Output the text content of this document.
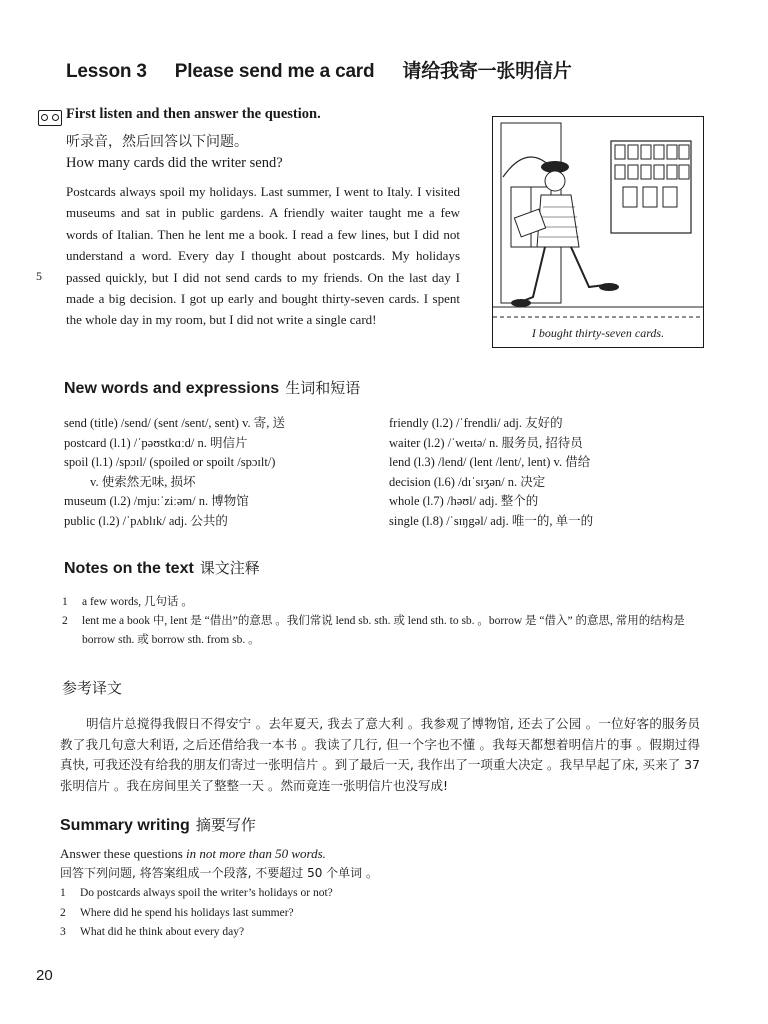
Lesson 3 Please send me a card 请给我寄一张明信片
First listen and then answer the question.
听录音，然后回答以下问题。
How many cards did the writer send?

Postcards always spoil my holidays. Last summer, I went to Italy. I visited museums and sat in public gardens. A friendly waiter taught me a few words of Italian. Then he lent me a book. I read a few lines, but I did not understand a word. Every day I thought about postcards. My holidays passed quickly, but I did not send cards to my friends. On the last day I made a big decision. I got up early and bought thirty-seven cards. I spent the whole day in my room, but I did not write a single card!

5
I bought thirty-seven cards.
New words and expressions 生词和短语
send (title) /send/ (sent /sent/, sent) v. 寄, 送
postcard (l.1) /ˈpəʊstkɑːd/ n. 明信片
spoil (l.1) /spɔɪl/ (spoiled or spoilt /spɔɪlt/)
v. 使索然无味, 损坏
museum (l.2) /mjuːˈziːəm/ n. 博物馆
public (l.2) /ˈpʌblɪk/ adj. 公共的
friendly (l.2) /ˈfrendli/ adj. 友好的
waiter (l.2) /ˈweɪtə/ n. 服务员, 招待员
lend (l.3) /lend/ (lent /lent/, lent) v. 借给
decision (l.6) /dɪˈsɪʒən/ n. 决定
whole (l.7) /həʊl/ adj. 整个的
single (l.8) /ˈsɪŋgəl/ adj. 唯一的, 单一的
Notes on the text 课文注释
1 a few words, 几句话 。
2 lent me a book 中, lent 是 “借出”的意思 。我们常说 lend sb. sth. 或 lend sth. to sb. 。borrow 是 “借入” 的意思, 常用的结构是 borrow sth. 或 borrow sth. from sb. 。
参考译文
明信片总搅得我假日不得安宁 。去年夏天, 我去了意大利 。我参观了博物馆, 还去了公园 。一位好客的服务员教了我几句意大利语, 之后还借给我一本书 。我读了几行, 但一个字也不懂 。我每天都想着明信片的事 。假期过得真快, 可我还没有给我的朋友们寄过一张明信片 。到了最后一天, 我作出了一项重大决定 。我早早起了床, 买来了 37 张明信片 。我在房间里关了整整一天 。然而竟连一张明信片也没写成!
Summary writing 摘要写作
Answer these questions in not more than 50 words.
回答下列问题, 将答案组成一个段落, 不要超过 50 个单词 。
1 Do postcards always spoil the writer’s holidays or not?
2 Where did he spend his holidays last summer?
3 What did he think about every day?
20
